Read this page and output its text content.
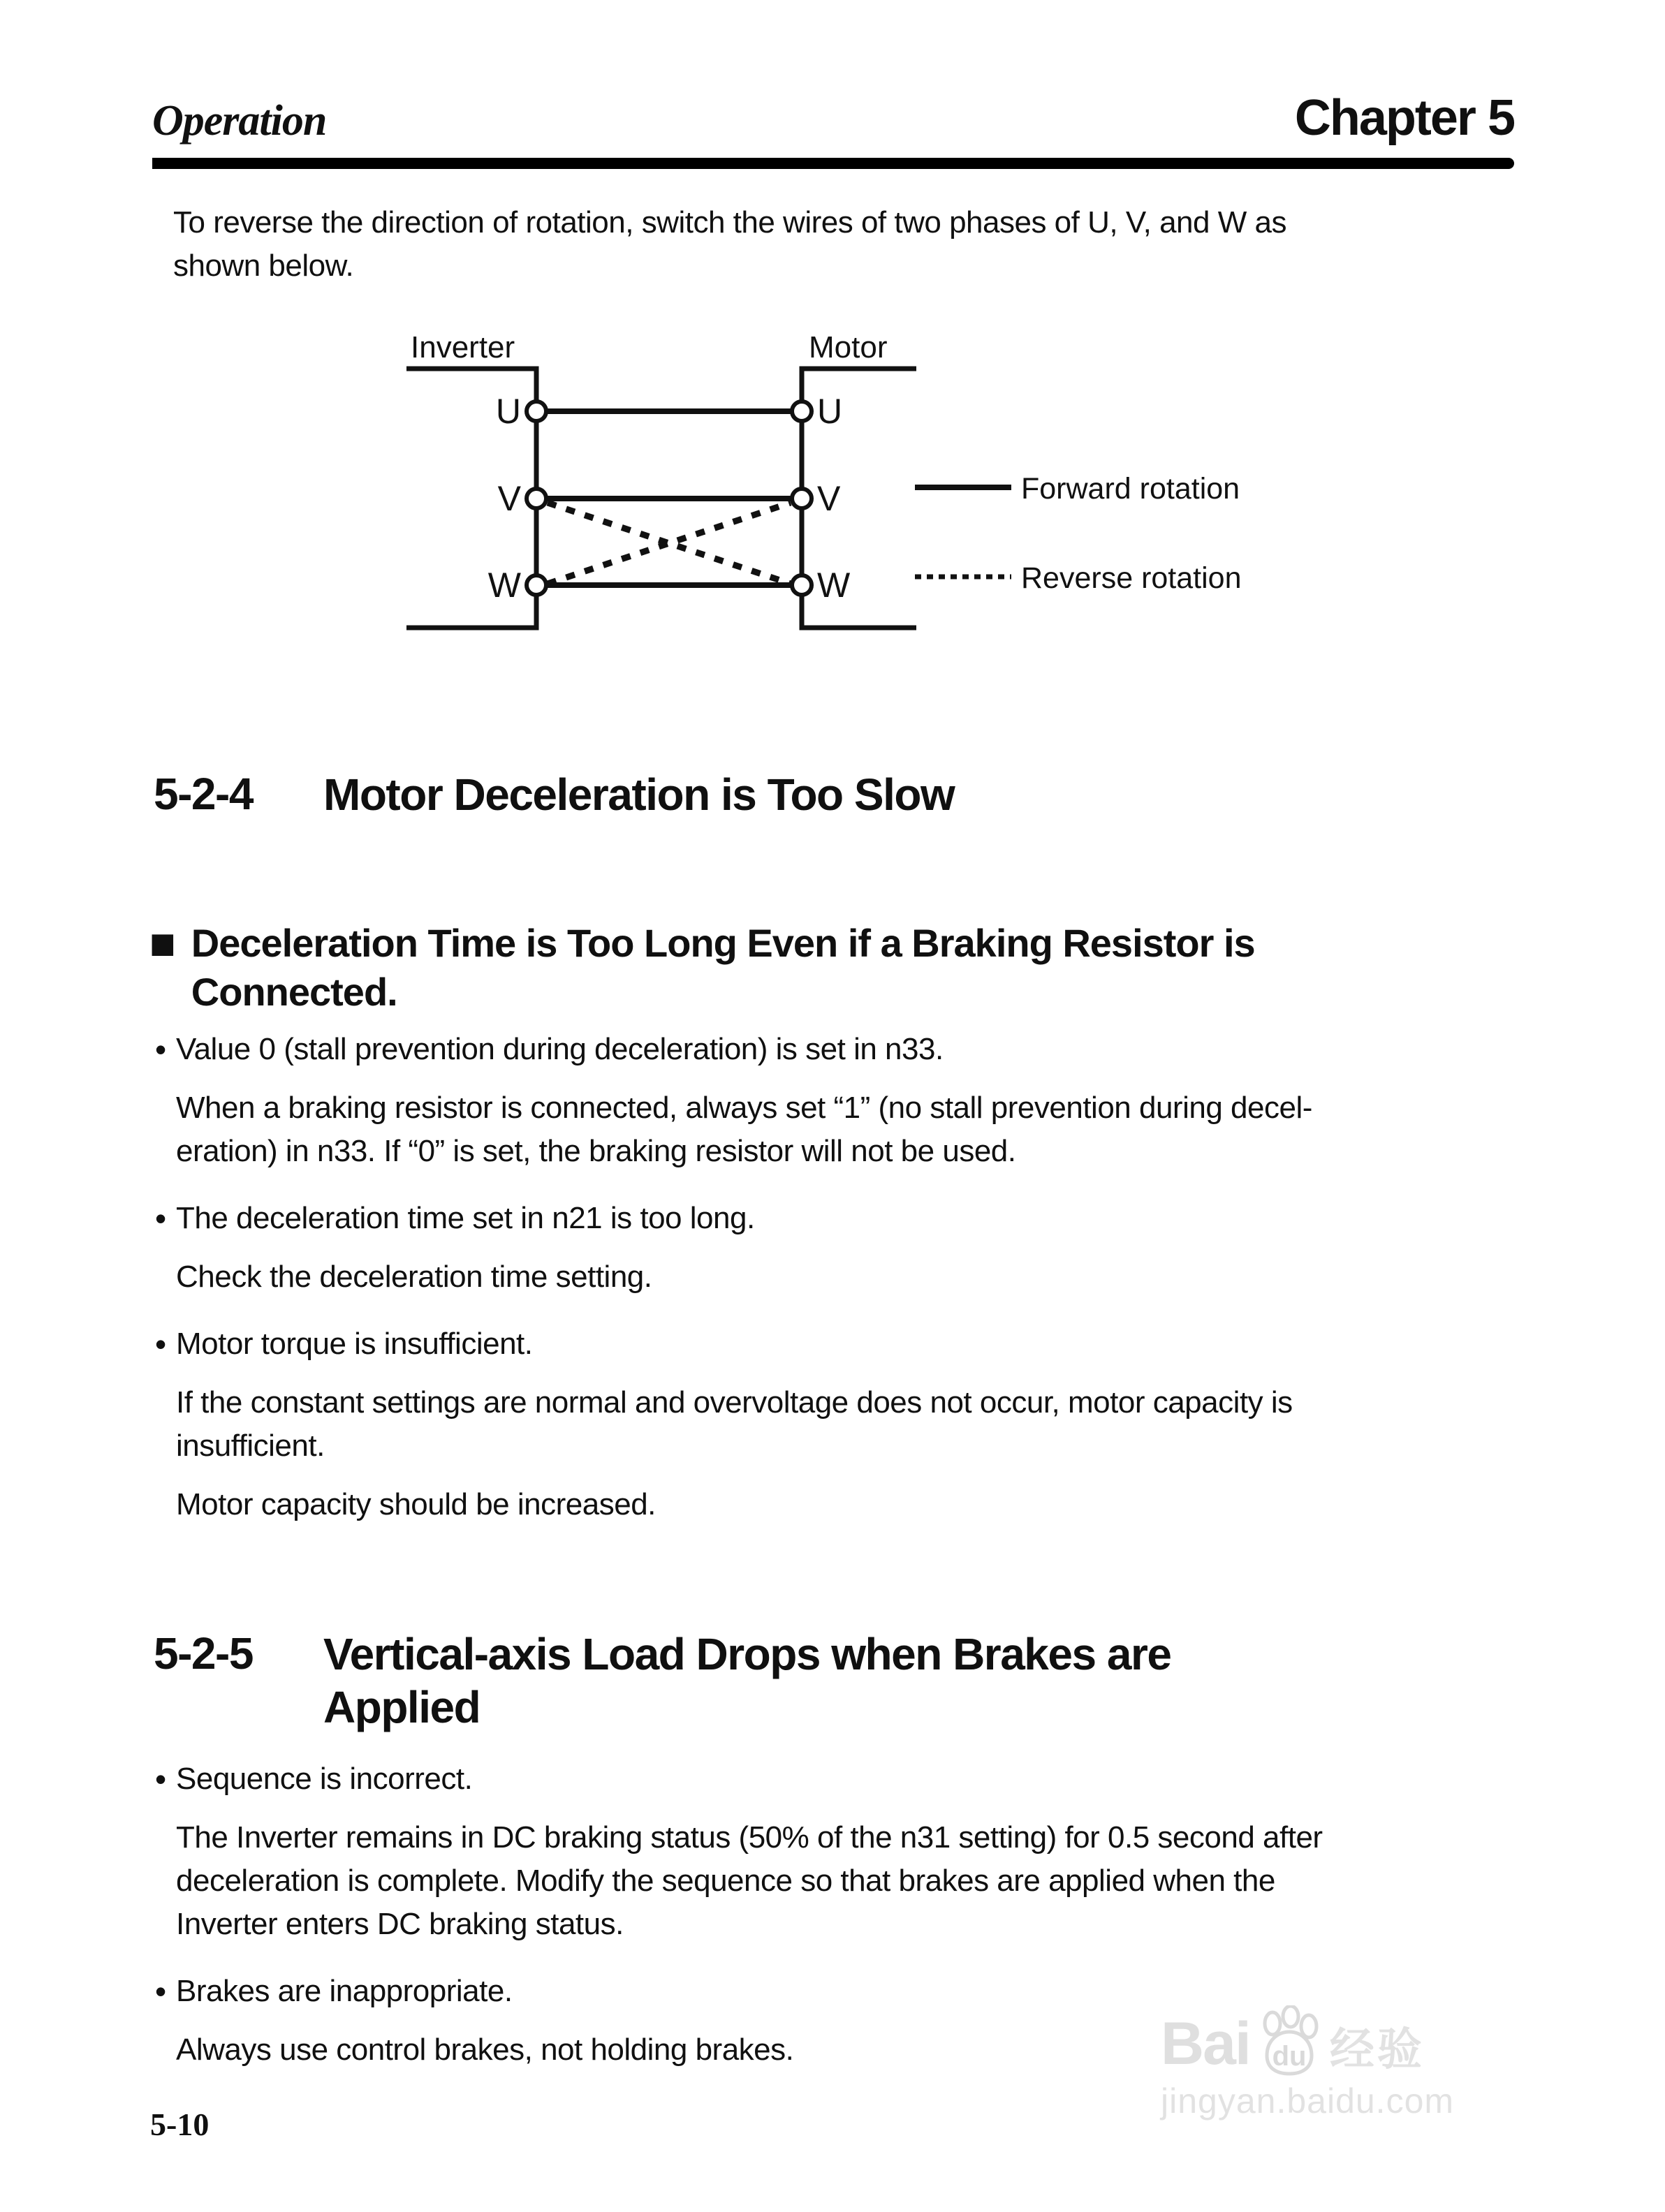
Operation	Chapter 5
To reverse the direction of rotation, switch the wires of two phases of U, V, and W as
shown below.
Inverter	Motor
U
V
W
U
V
W
Forward rotation
Reverse rotation
5-2-4	Motor Deceleration is Too Slow
■ Deceleration Time is Too Long Even if a Braking Resistor is
Connected.
• Value 0 (stall prevention during deceleration) is set in n33.
When a braking resistor is connected, always set “1” (no stall prevention during decel-
eration) in n33. If “0” is set, the braking resistor will not be used.
• The deceleration time set in n21 is too long.
Check the deceleration time setting.
• Motor torque is insufficient.
If the constant settings are normal and overvoltage does not occur, motor capacity is
insufficient.
Motor capacity should be increased.
5-2-5	Vertical-axis Load Drops when Brakes are
Applied
• Sequence is incorrect.
The Inverter remains in DC braking status (50% of the n31 setting) for 0.5 second after
deceleration is complete. Modify the sequence so that brakes are applied when the
Inverter enters DC braking status.
• Brakes are inappropriate.
Always use control brakes, not holding brakes.
5-10
Bai du 经验
jingyan.baidu.com
